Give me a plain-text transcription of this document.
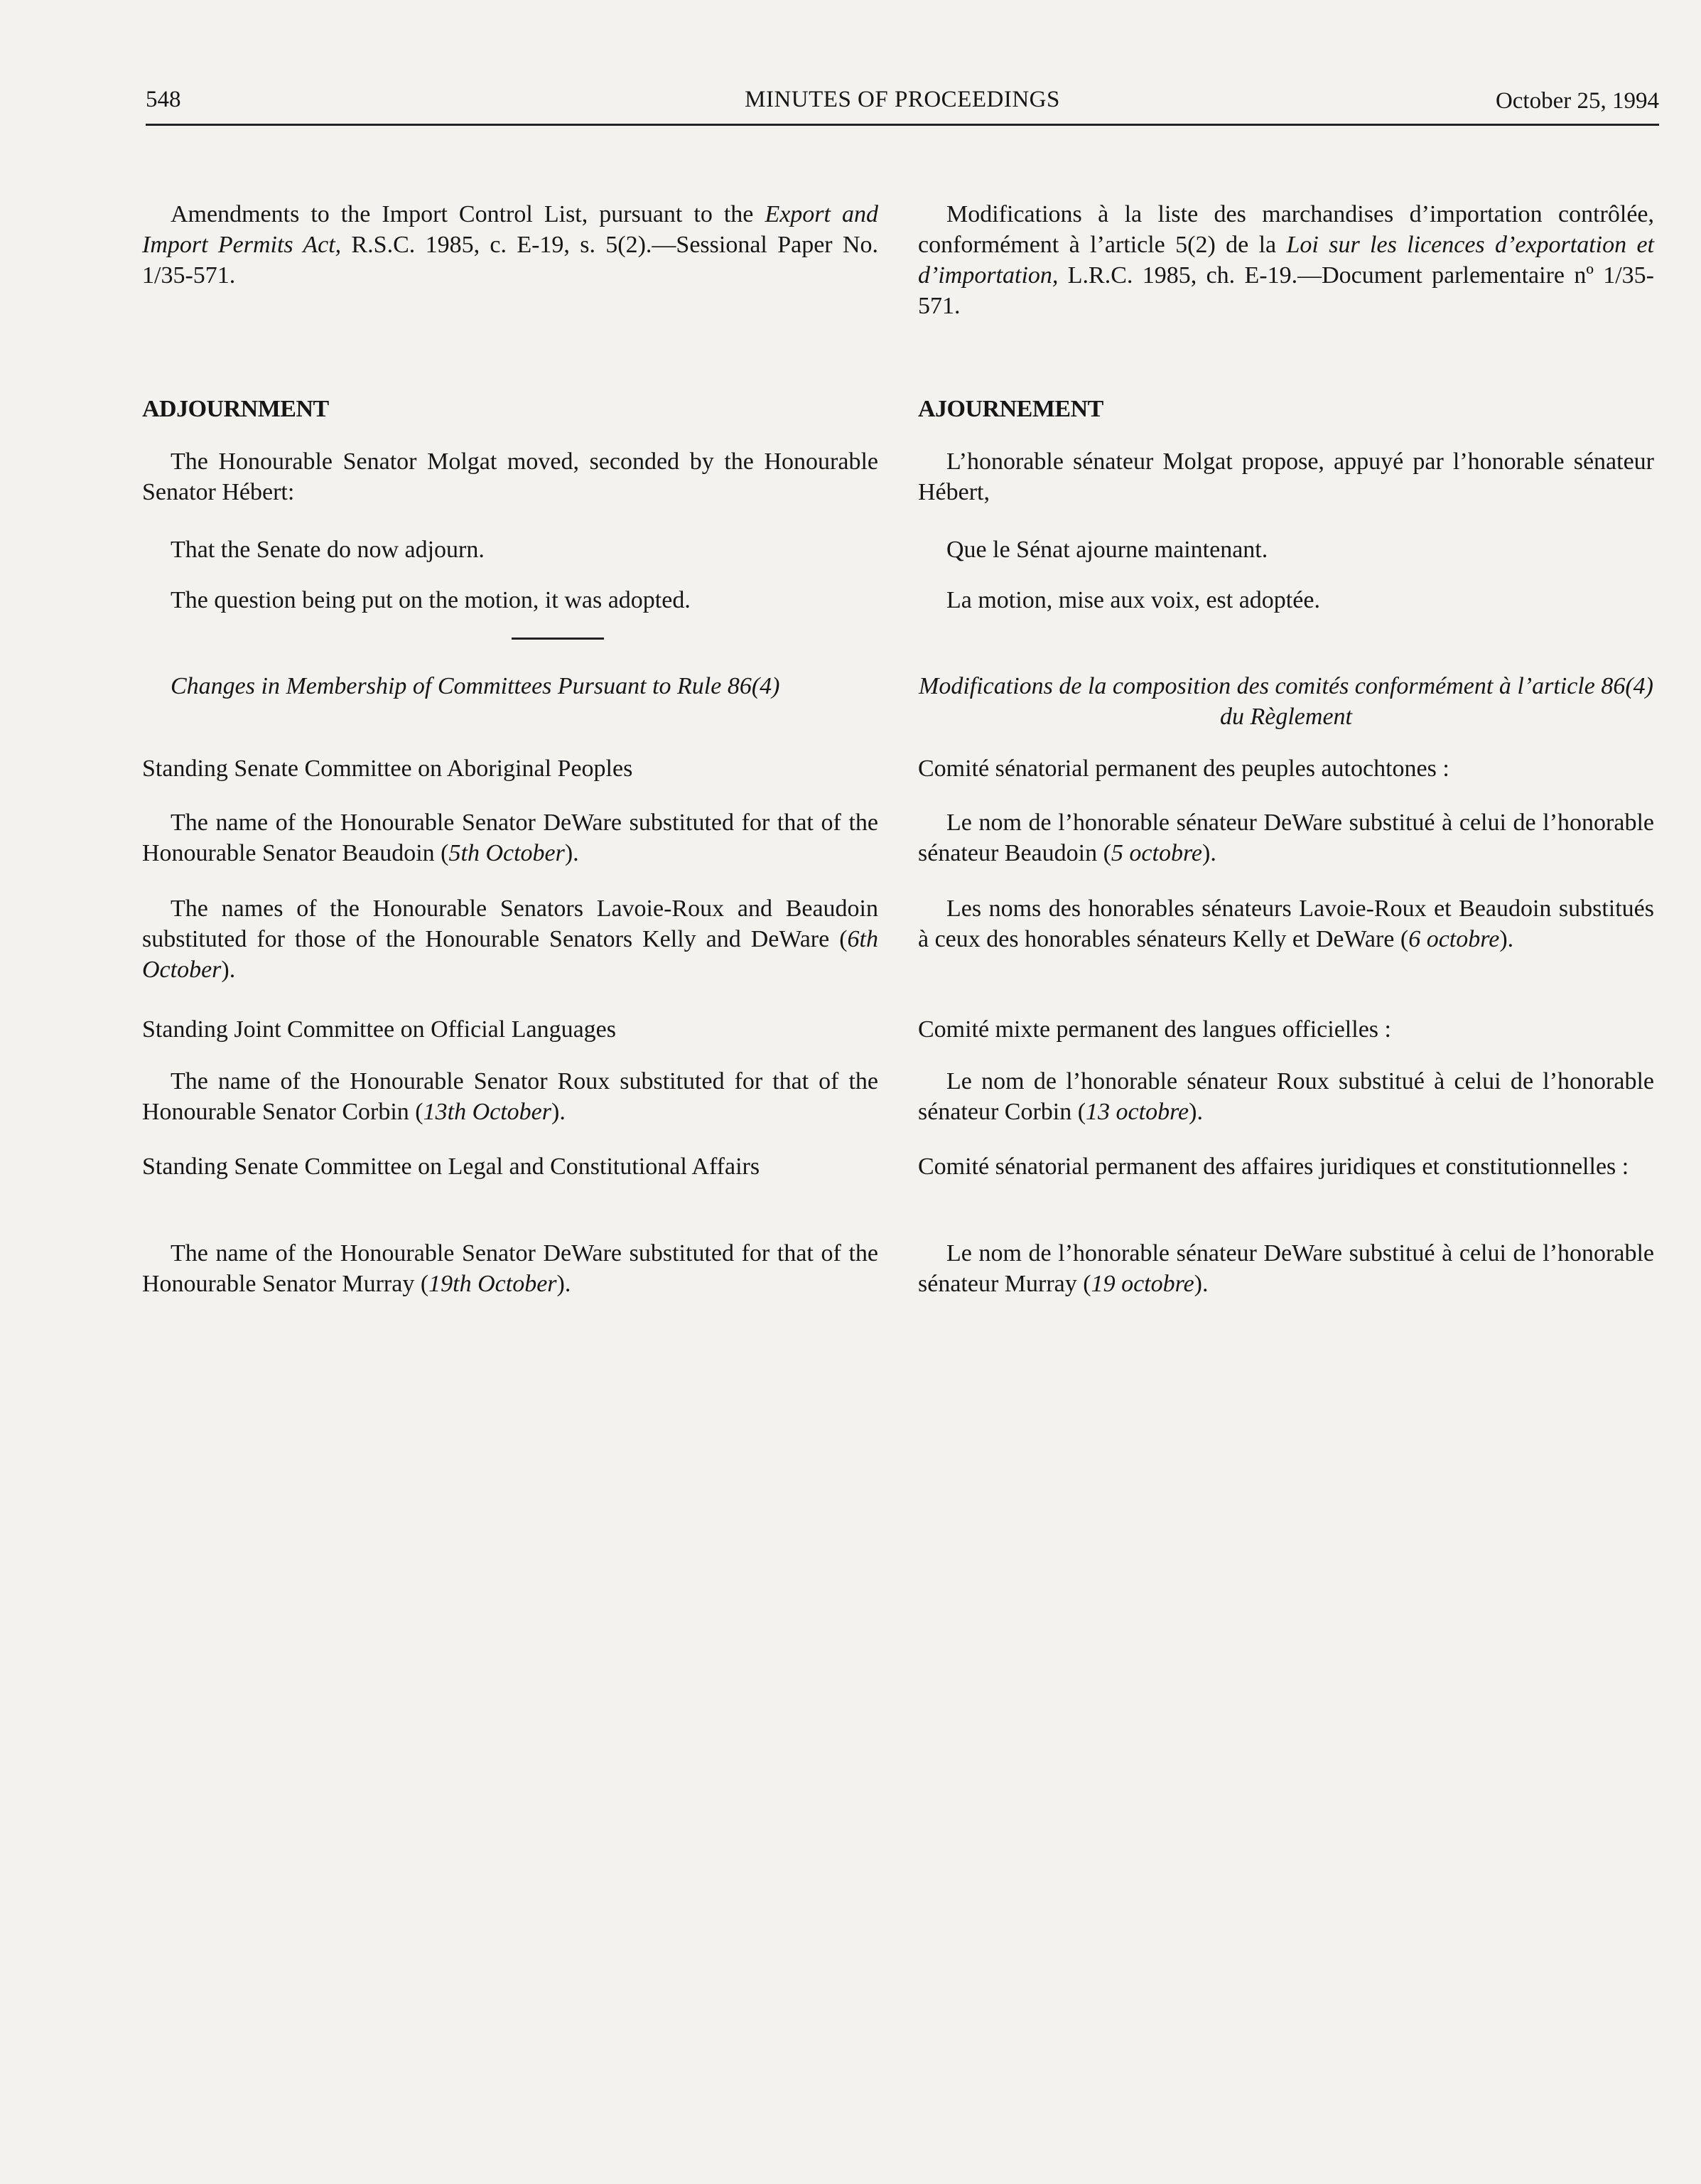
548	MINUTES OF PROCEEDINGS	October 25, 1994
Amendments to the Import Control List, pursuant to the Export and Import Permits Act, R.S.C. 1985, c. E-19, s. 5(2).—Sessional Paper No. 1/35-571.
ADJOURNMENT
The Honourable Senator Molgat moved, seconded by the Honourable Senator Hébert:
That the Senate do now adjourn.
The question being put on the motion, it was adopted.
Changes in Membership of Committees Pursuant to Rule 86(4)
Standing Senate Committee on Aboriginal Peoples
The name of the Honourable Senator DeWare substituted for that of the Honourable Senator Beaudoin (5th October).
The names of the Honourable Senators Lavoie-Roux and Beaudoin substituted for those of the Honourable Senators Kelly and DeWare (6th October).
Standing Joint Committee on Official Languages
The name of the Honourable Senator Roux substituted for that of the Honourable Senator Corbin (13th October).
Standing Senate Committee on Legal and Constitutional Affairs
The name of the Honourable Senator DeWare substituted for that of the Honourable Senator Murray (19th October).
Modifications à la liste des marchandises d’importation contrôlée, conformément à l’article 5(2) de la Loi sur les licences d’exportation et d’importation, L.R.C. 1985, ch. E-19.—Document parlementaire nº 1/35-571.
AJOURNEMENT
L’honorable sénateur Molgat propose, appuyé par l’honorable sénateur Hébert,
Que le Sénat ajourne maintenant.
La motion, mise aux voix, est adoptée.
Modifications de la composition des comités conformément à l’article 86(4) du Règlement
Comité sénatorial permanent des peuples autochtones :
Le nom de l’honorable sénateur DeWare substitué à celui de l’honorable sénateur Beaudoin (5 octobre).
Les noms des honorables sénateurs Lavoie-Roux et Beaudoin substitués à ceux des honorables sénateurs Kelly et DeWare (6 octobre).
Comité mixte permanent des langues officielles :
Le nom de l’honorable sénateur Roux substitué à celui de l’honorable sénateur Corbin (13 octobre).
Comité sénatorial permanent des affaires juridiques et constitutionnelles :
Le nom de l’honorable sénateur DeWare substitué à celui de l’honorable sénateur Murray (19 octobre).
